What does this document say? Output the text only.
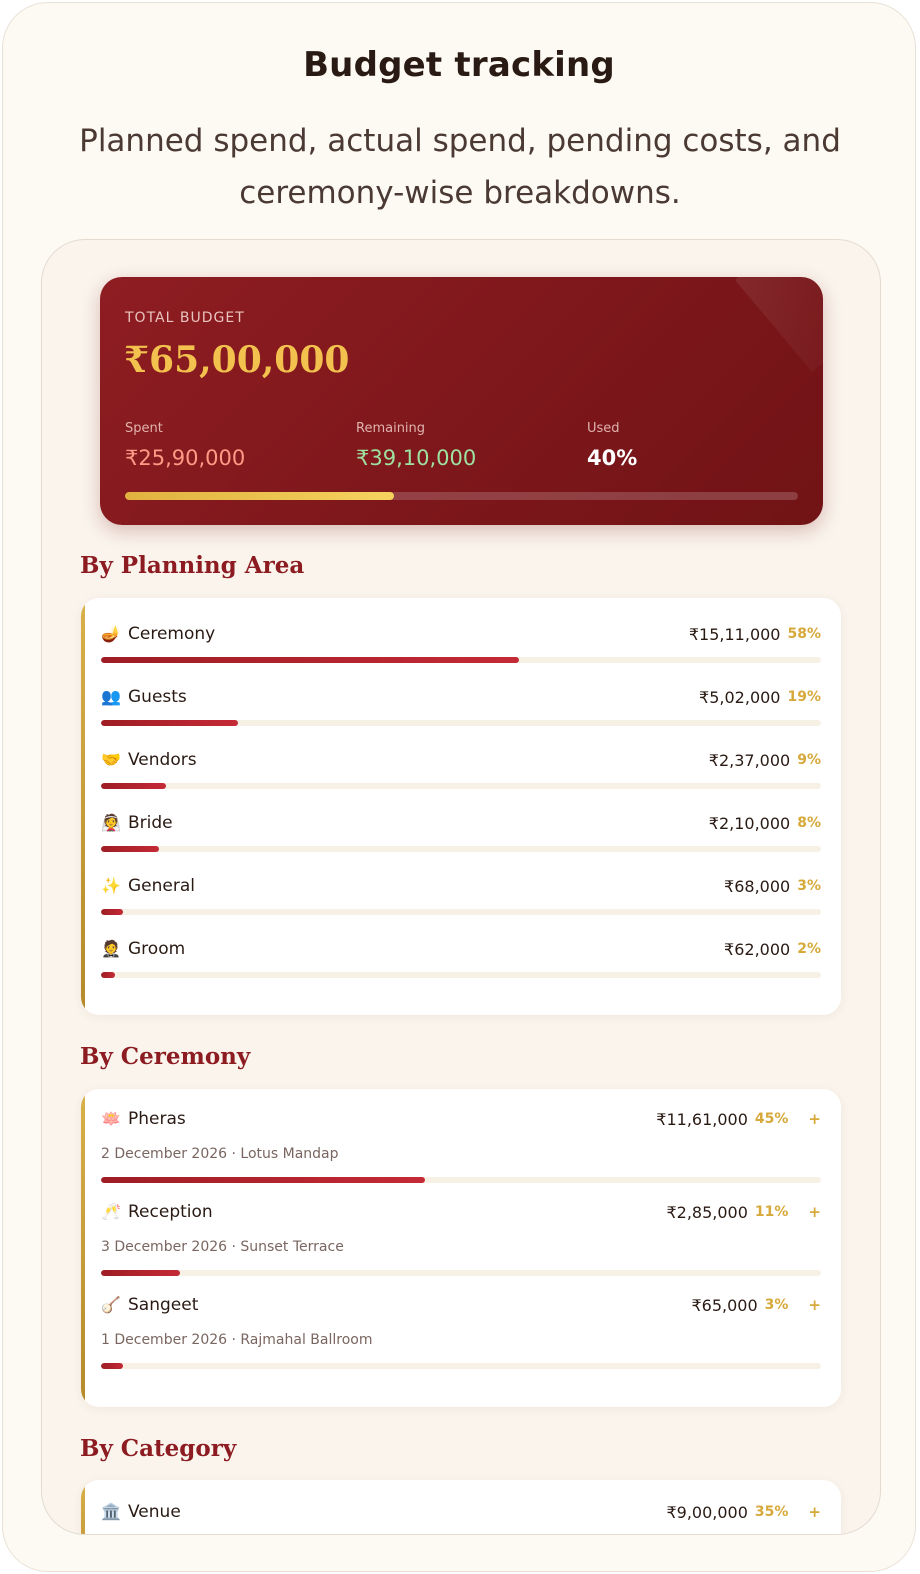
Budget tracking
Planned spend, actual spend, pending costs, and ceremony-wise breakdowns.
TOTAL BUDGET
₹65,00,000
Spent
₹25,90,000
Remaining
₹39,10,000
Used
40%
By Planning Area
🪔 Ceremony	₹15,11,000 58%
👥 Guests	₹5,02,000 19%
🤝 Vendors	₹2,37,000 9%
👰 Bride	₹2,10,000 8%
✨ General	₹68,000 3%
🤵 Groom	₹62,000 2%
By Ceremony
🪷 Pheras	₹11,61,000 45% +
2 December 2026 · Lotus Mandap
🥂 Reception	₹2,85,000 11% +
3 December 2026 · Sunset Terrace
🪕 Sangeet	₹65,000 3% +
1 December 2026 · Rajmahal Ballroom
By Category
🏛️ Venue	₹9,00,000 35% +
